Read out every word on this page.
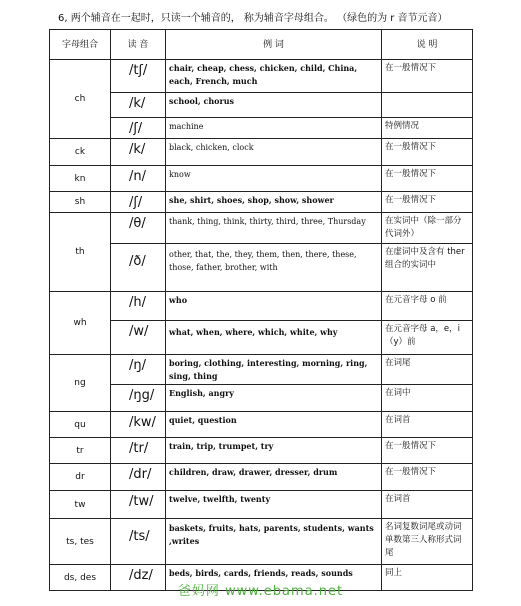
6, 两个辅音在一起时，只读一个辅音的， 称为辅音字母组合。 （绿色的为 r 音节元音）
字母组合	读 音	例 词	说 明
ch	/tʃ/	chair, cheap, chess, chicken, child, China, each, French, much	在一般情况下
	/k/	school, chorus	
	/ʃ/	machine	特例情况
ck	/k/	black, chicken, clock	在一般情况下
kn	/n/	know	在一般情况下
sh	/ʃ/	she, shirt, shoes, shop, show, shower	在一般情况下
th	/θ/	thank, thing, think, thirty, third, three, Thursday	在实词中（除一部分代词外）
	/ð/	other, that, the, they, them, then, there, these, those, father, brother, with	在虚词中及含有 ther 组合的实词中
wh	/h/	who	在元音字母 o 前
	/w/	what, when, where, which, white, why	在元音字母 a，e，i（y）前
ng	/ŋ/	boring, clothing, interesting, morning, ring, sing, thing	在词尾
	/ŋg/	English, angry	在词中
qu	/kw/	quiet, question	在词首
tr	/tr/	train, trip, trumpet, try	在一般情况下
dr	/dr/	children, draw, drawer, dresser, drum	在一般情况下
tw	/tw/	twelve, twelfth, twenty	在词首
ts, tes	/ts/	baskets, fruits, hats, parents, students, wants ,writes	名词复数词尾或动词单数第三人称形式词尾
ds, des	/dz/	beds, birds, cards, friends, reads, sounds	同上
爸妈网 www.ebama.net
